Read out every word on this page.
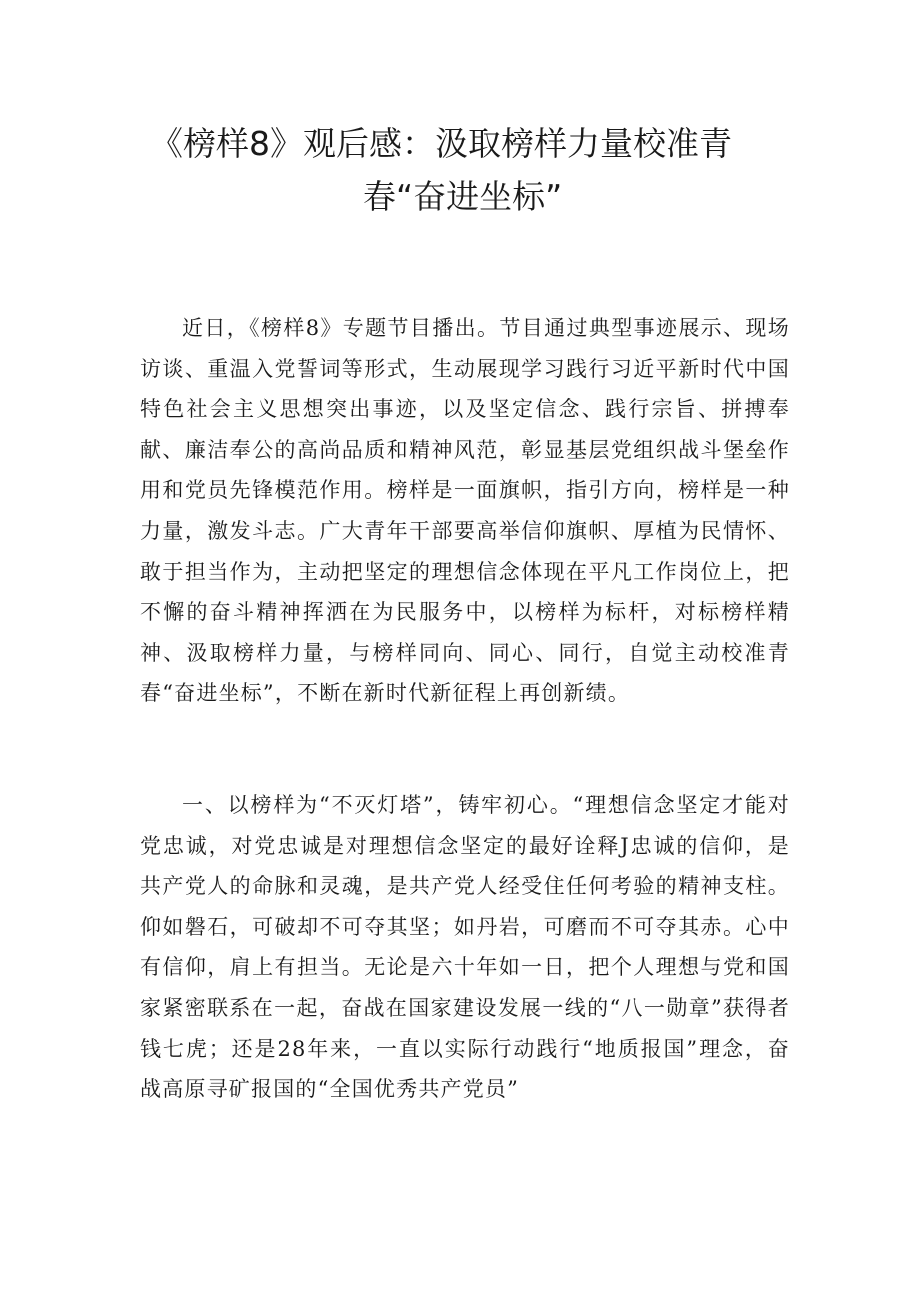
《榜样8》观后感：汲取榜样力量校准青
春“奋进坐标”

近日，《榜样8》专题节目播出。节目通过典型事迹展示、现场访谈、重温入党誓词等形式，生动展现学习践行习近平新时代中国特色社会主义思想突出事迹，以及坚定信念、践行宗旨、拼搏奉献、廉洁奉公的高尚品质和精神风范，彰显基层党组织战斗堡垒作用和党员先锋模范作用。榜样是一面旗帜，指引方向，榜样是一种力量，激发斗志。广大青年干部要高举信仰旗帜、厚植为民情怀、敢于担当作为，主动把坚定的理想信念体现在平凡工作岗位上，把不懈的奋斗精神挥洒在为民服务中，以榜样为标杆，对标榜样精神、汲取榜样力量，与榜样同向、同心、同行，自觉主动校准青春“奋进坐标”，不断在新时代新征程上再创新绩。

一、以榜样为“不灭灯塔”，铸牢初心。“理想信念坚定才能对党忠诚，对党忠诚是对理想信念坚定的最好诠释J忠诚的信仰，是共产党人的命脉和灵魂，是共产党人经受住任何考验的精神支柱。仰如磐石，可破却不可夺其坚；如丹岩，可磨而不可夺其赤。心中有信仰，肩上有担当。无论是六十年如一日，把个人理想与党和国家紧密联系在一起，奋战在国家建设发展一线的“八一勋章”获得者钱七虎；还是28年来，一直以实际行动践行“地质报国”理念，奋战高原寻矿报国的“全国优秀共产党员”
